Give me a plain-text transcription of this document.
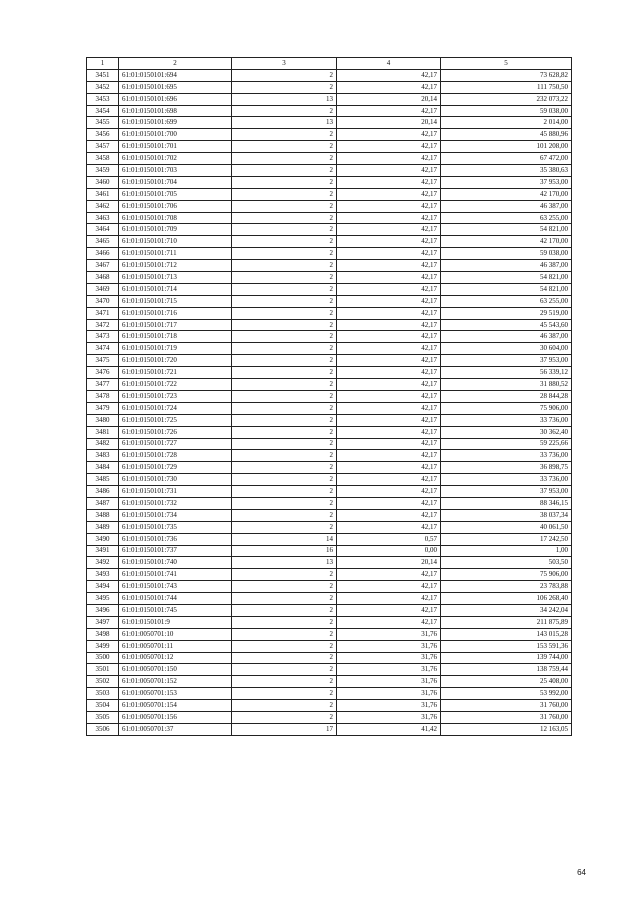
1	2	3	4	5
3451	61:01:0150101:694	2	42,17	73 628,82
3452	61:01:0150101:695	2	42,17	111 750,50
3453	61:01:0150101:696	13	20,14	232 073,22
3454	61:01:0150101:698	2	42,17	59 038,00
3455	61:01:0150101:699	13	20,14	2 014,00
3456	61:01:0150101:700	2	42,17	45 880,96
3457	61:01:0150101:701	2	42,17	101 208,00
3458	61:01:0150101:702	2	42,17	67 472,00
3459	61:01:0150101:703	2	42,17	35 380,63
3460	61:01:0150101:704	2	42,17	37 953,00
3461	61:01:0150101:705	2	42,17	42 170,00
3462	61:01:0150101:706	2	42,17	46 387,00
3463	61:01:0150101:708	2	42,17	63 255,00
3464	61:01:0150101:709	2	42,17	54 821,00
3465	61:01:0150101:710	2	42,17	42 170,00
3466	61:01:0150101:711	2	42,17	59 038,00
3467	61:01:0150101:712	2	42,17	46 387,00
3468	61:01:0150101:713	2	42,17	54 821,00
3469	61:01:0150101:714	2	42,17	54 821,00
3470	61:01:0150101:715	2	42,17	63 255,00
3471	61:01:0150101:716	2	42,17	29 519,00
3472	61:01:0150101:717	2	42,17	45 543,60
3473	61:01:0150101:718	2	42,17	46 387,00
3474	61:01:0150101:719	2	42,17	30 604,00
3475	61:01:0150101:720	2	42,17	37 953,00
3476	61:01:0150101:721	2	42,17	56 339,12
3477	61:01:0150101:722	2	42,17	31 880,52
3478	61:01:0150101:723	2	42,17	28 844,28
3479	61:01:0150101:724	2	42,17	75 906,00
3480	61:01:0150101:725	2	42,17	33 736,00
3481	61:01:0150101:726	2	42,17	30 362,40
3482	61:01:0150101:727	2	42,17	59 225,66
3483	61:01:0150101:728	2	42,17	33 736,00
3484	61:01:0150101:729	2	42,17	36 898,75
3485	61:01:0150101:730	2	42,17	33 736,00
3486	61:01:0150101:731	2	42,17	37 953,00
3487	61:01:0150101:732	2	42,17	88 346,15
3488	61:01:0150101:734	2	42,17	38 037,34
3489	61:01:0150101:735	2	42,17	40 061,50
3490	61:01:0150101:736	14	0,57	17 242,50
3491	61:01:0150101:737	16	0,00	1,00
3492	61:01:0150101:740	13	20,14	503,50
3493	61:01:0150101:741	2	42,17	75 906,00
3494	61:01:0150101:743	2	42,17	23 783,88
3495	61:01:0150101:744	2	42,17	106 268,40
3496	61:01:0150101:745	2	42,17	34 242,04
3497	61:01:0150101:9	2	42,17	211 875,89
3498	61:01:0050701:10	2	31,76	143 015,28
3499	61:01:0050701:11	2	31,76	153 591,36
3500	61:01:0050701:12	2	31,76	139 744,00
3501	61:01:0050701:150	2	31,76	138 759,44
3502	61:01:0050701:152	2	31,76	25 408,00
3503	61:01:0050701:153	2	31,76	53 992,00
3504	61:01:0050701:154	2	31,76	31 760,00
3505	61:01:0050701:156	2	31,76	31 760,00
3506	61:01:0050701:37	17	41,42	12 163,05
64
